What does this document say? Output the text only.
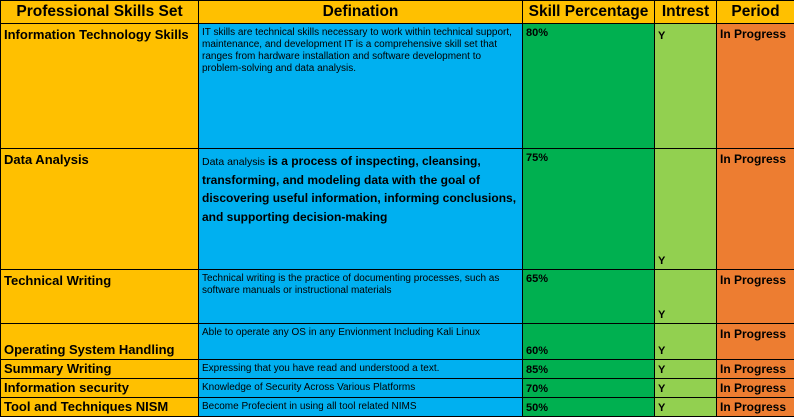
Professional Skills Set	Defination	Skill Percentage	Intrest	Period
Information Technology Skills	IT skills are technical skills necessary to work within technical support, maintenance, and development IT is a comprehensive skill set that ranges from hardware installation and software development to problem-solving and data analysis.	80%	Y	In Progress
Data Analysis	Data analysis is a process of inspecting, cleansing, transforming, and modeling data with the goal of discovering useful information, informing conclusions, and supporting decision-making	75%	Y	In Progress
Technical Writing	Technical writing is the practice of documenting processes, such as software manuals or instructional materials	65%	Y	In Progress
Operating System Handling	Able to operate any OS in any Envionment Including Kali Linux	60%	Y	In Progress
Summary Writing	Expressing that you have read and understood a text.	85%	Y	In Progress
Information security	Knowledge of Security Across Various Platforms	70%	Y	In Progress
Tool and Techniques NISM	Become Profecient in using all tool related NIMS	50%	Y	In Progress
